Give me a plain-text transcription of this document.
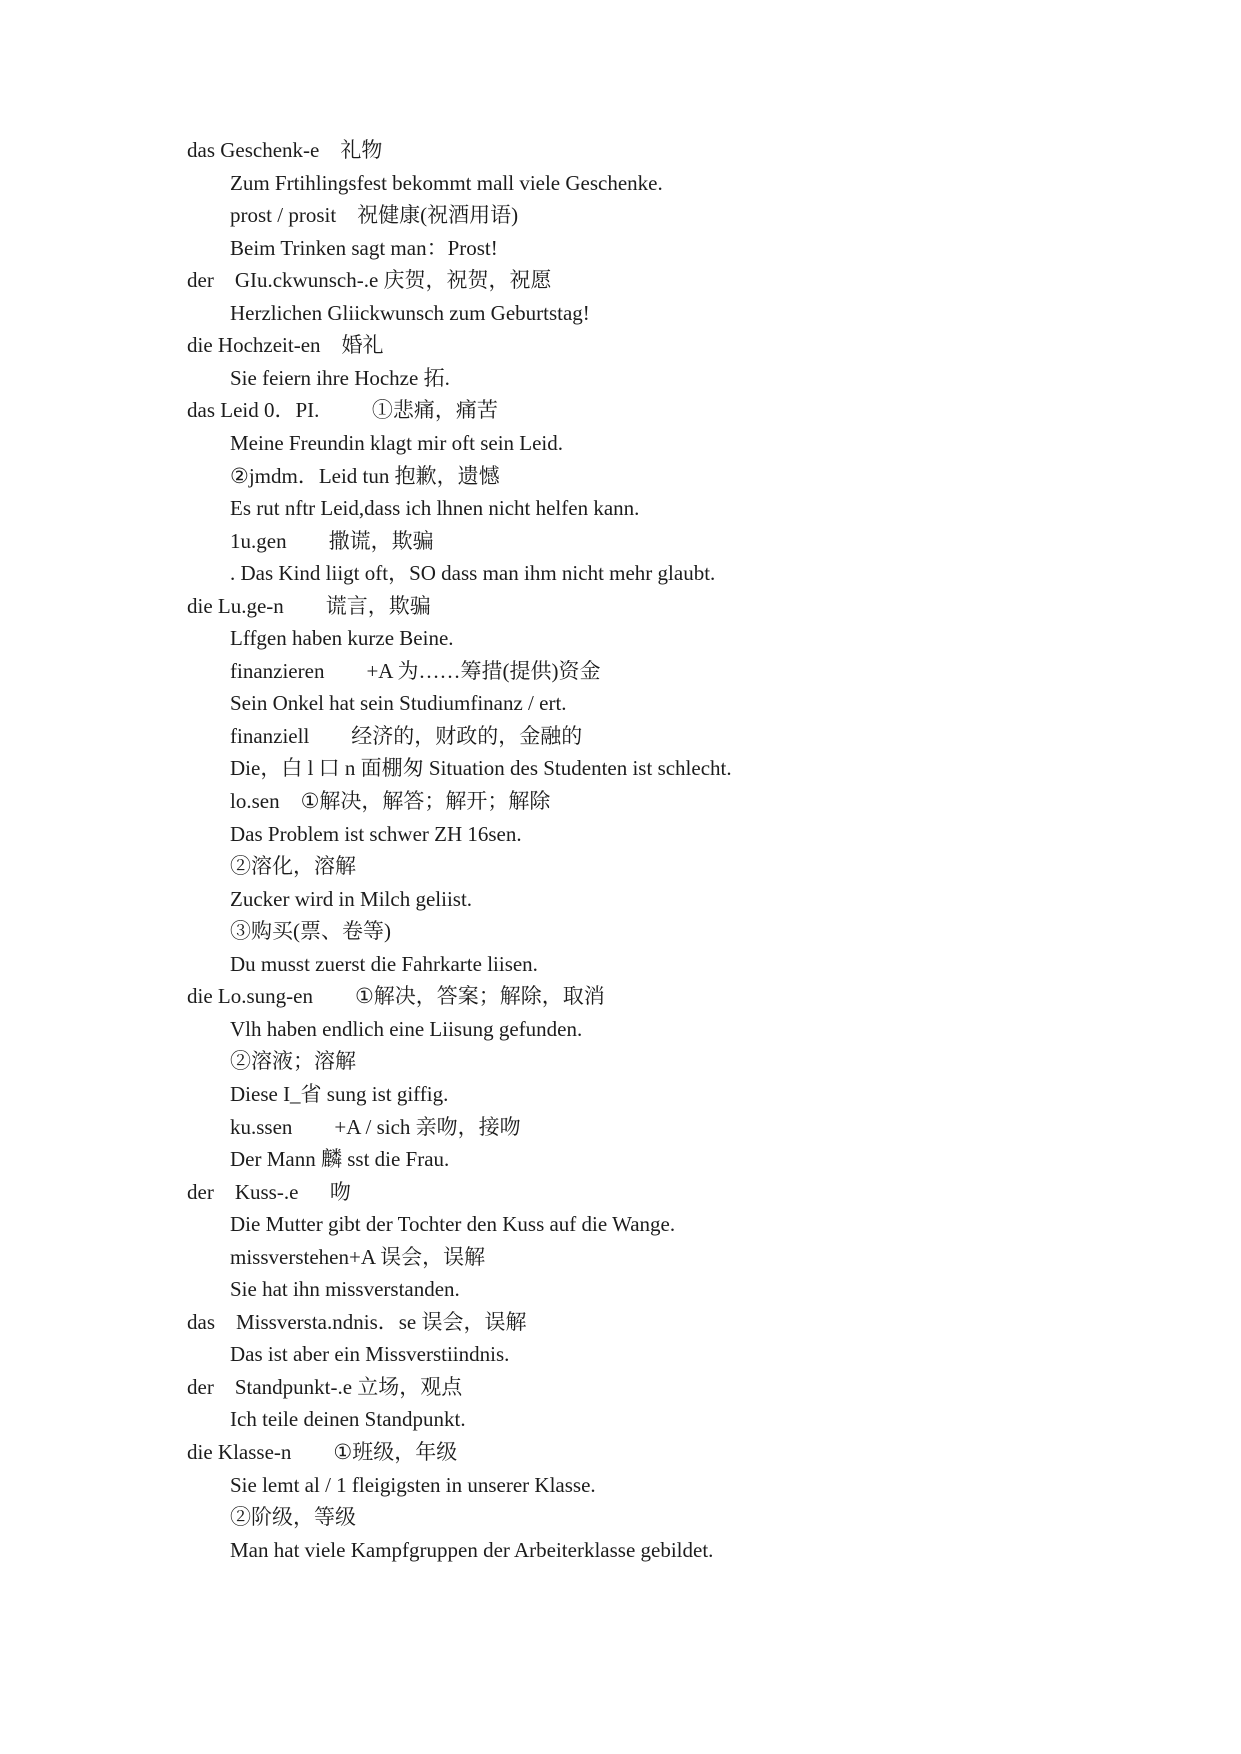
das Geschenk-e    礼物
Zum Frtihlingsfest bekommt mall viele Geschenke.
prost / prosit    祝健康(祝酒用语)
Beim Trinken sagt man：Prost!
der    GIu.ckwunsch-.e 庆贺，祝贺，祝愿
Herzlichen Gliickwunsch zum Geburtstag!
die Hochzeit-en    婚礼
Sie feiern ihre Hochze 拓.
das Leid 0．PI.          ①悲痛，痛苦
Meine Freundin klagt mir oft sein Leid.
②jmdm．Leid tun 抱歉，遗憾
Es rut nftr Leid,dass ich lhnen nicht helfen kann.
1u.gen        撒谎，欺骗
. Das Kind liigt oft，SO dass man ihm nicht mehr glaubt.
die Lu.ge-n        谎言，欺骗
Lffgen haben kurze Beine.
finanzieren        +A 为……筹措(提供)资金
Sein Onkel hat sein Studiumfinanz / ert.
finanziell        经济的，财政的，金融的
Die，白 l 口 n 面棚匆 Situation des Studenten ist schlecht.
lo.sen    ①解决，解答；解开；解除
Das Problem ist schwer ZH 16sen.
②溶化，溶解
Zucker wird in Milch geliist.
③购买(票、卷等)
Du musst zuerst die Fahrkarte liisen.
die Lo.sung-en        ①解决，答案；解除，取消
Vlh haben endlich eine Liisung gefunden.
②溶液；溶解
Diese I_省 sung ist giffig.
ku.ssen        +A / sich 亲吻，接吻
Der Mann 麟 sst die Frau.
der    Kuss-.e      吻
Die Mutter gibt der Tochter den Kuss auf die Wange.
missverstehen+A 误会，误解
Sie hat ihn missverstanden.
das    Missversta.ndnis．se 误会，误解
Das ist aber ein Missverstiindnis.
der    Standpunkt-.e 立场，观点
Ich teile deinen Standpunkt.
die Klasse-n        ①班级，年级
Sie lemt al / 1 fleigigsten in unserer Klasse.
②阶级，等级
Man hat viele Kampfgruppen der Arbeiterklasse gebildet.
